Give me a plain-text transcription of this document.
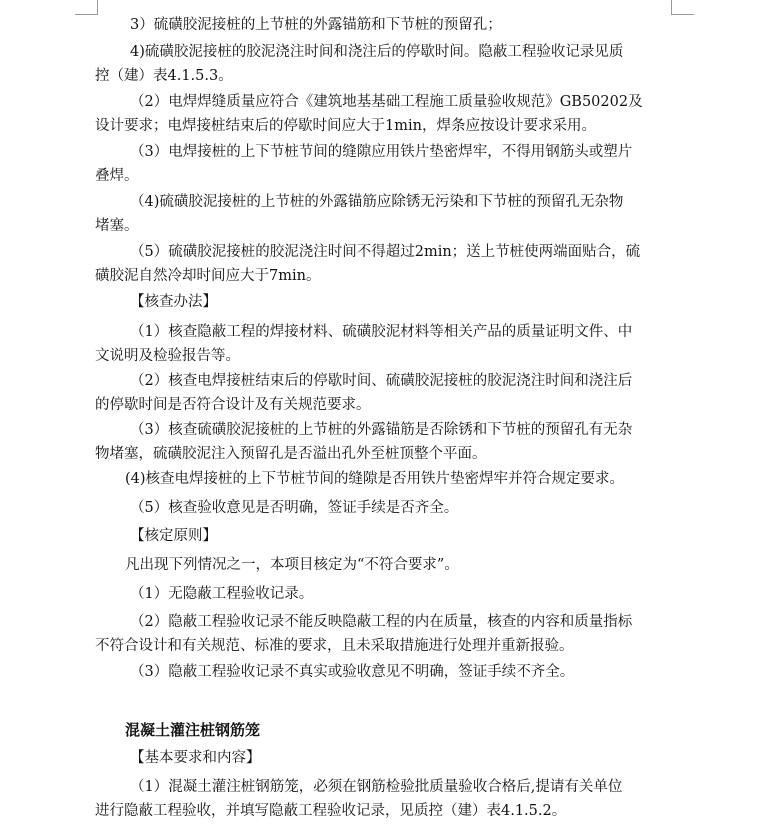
3）硫磺胶泥接桩的上节桩的外露锚筋和下节桩的预留孔；
4)硫磺胶泥接桩的胶泥浇注时间和浇注后的停歇时间。隐蔽工程验收记录见质
控（建）表4.1.5.3。
（2）电焊焊缝质量应符合《建筑地基基础工程施工质量验收规范》GB50202及
设计要求；电焊接桩结束后的停歇时间应大于1min，焊条应按设计要求采用。
（3）电焊接桩的上下节桩节间的缝隙应用铁片垫密焊牢，不得用钢筋头或塑片
叠焊。
（4)硫磺胶泥接桩的上节桩的外露锚筋应除锈无污染和下节桩的预留孔无杂物
堵塞。
（5）硫磺胶泥接桩的胶泥浇注时间不得超过2min；送上节桩使两端面贴合，硫
磺胶泥自然冷却时间应大于7min。
【核查办法】
（1）核查隐蔽工程的焊接材料、硫磺胶泥材料等相关产品的质量证明文件、中
文说明及检验报告等。
（2）核查电焊接桩结束后的停歇时间、硫磺胶泥接桩的胶泥浇注时间和浇注后
的停歇时间是否符合设计及有关规范要求。
（3）核查硫磺胶泥接桩的上节桩的外露锚筋是否除锈和下节桩的预留孔有无杂
物堵塞，硫磺胶泥注入预留孔是否溢出孔外至桩顶整个平面。
(4)核查电焊接桩的上下节桩节间的缝隙是否用铁片垫密焊牢并符合规定要求。
（5）核查验收意见是否明确，签证手续是否齐全。
【核定原则】
凡出现下列情况之一，本项目核定为“不符合要求”。
（1）无隐蔽工程验收记录。
（2）隐蔽工程验收记录不能反映隐蔽工程的内在质量，核查的内容和质量指标
不符合设计和有关规范、标准的要求，且未采取措施进行处理并重新报验。
（3）隐蔽工程验收记录不真实或验收意见不明确，签证手续不齐全。
混凝土灌注桩钢筋笼
【基本要求和内容】
（1）混凝土灌注桩钢筋笼，必须在钢筋检验批质量验收合格后,提请有关单位
进行隐蔽工程验收，并填写隐蔽工程验收记录，见质控（建）表4.1.5.2。
